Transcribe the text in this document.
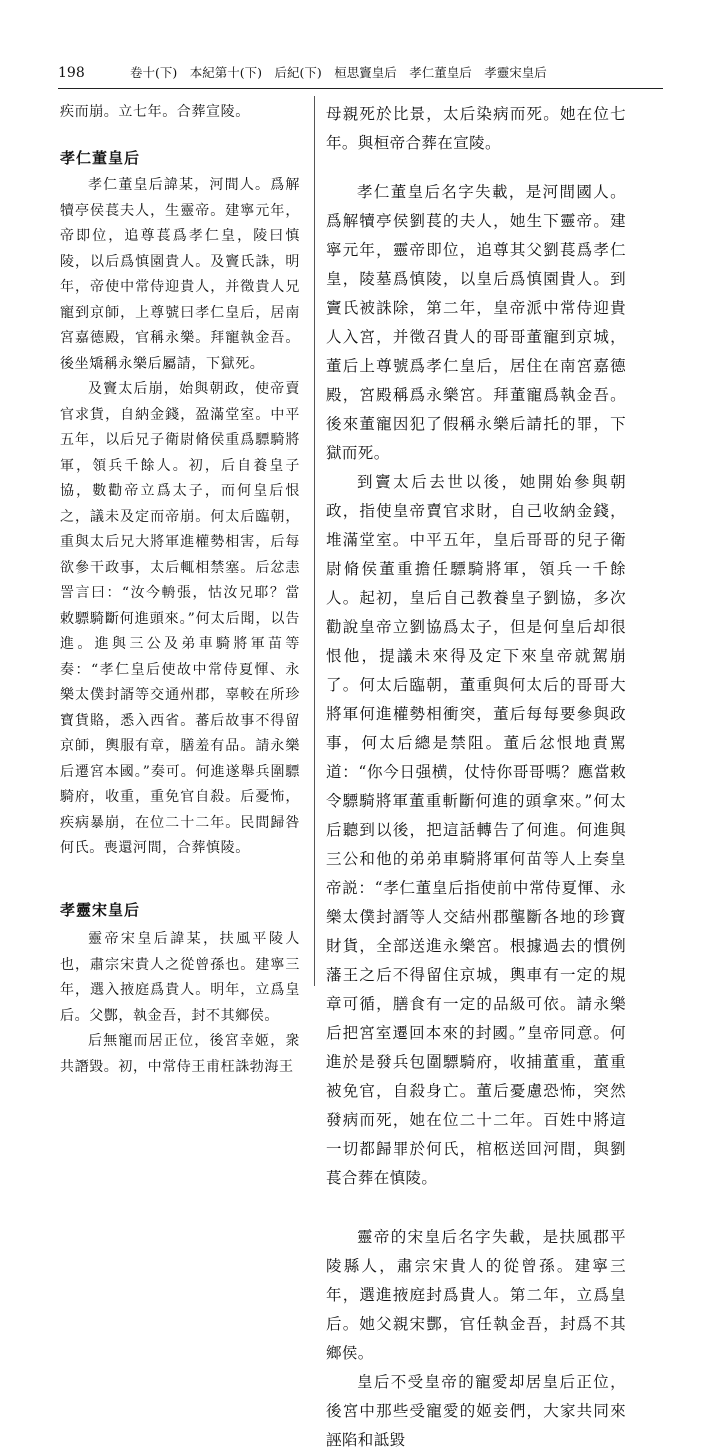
198	卷十(下)　本紀第十(下)　后紀(下)　桓思竇皇后　孝仁董皇后　孝靈宋皇后

疾而崩。立七年。合葬宣陵。

孝仁董皇后

孝仁董皇后諱某，河間人。爲解犢亭侯萇夫人，生靈帝。建寧元年，帝即位，追尊萇爲孝仁皇，陵曰慎陵，以后爲慎園貴人。及竇氏誅，明年，帝使中常侍迎貴人，并徵貴人兄寵到京師，上尊號曰孝仁皇后，居南宮嘉德殿，官稱永樂。拜寵執金吾。後坐矯稱永樂后屬請，下獄死。

及竇太后崩，始與朝政，使帝賣官求貨，自納金錢，盈滿堂室。中平五年，以后兄子衛尉脩侯重爲驃騎將軍，領兵千餘人。初，后自養皇子協，數勸帝立爲太子，而何皇后恨之，議未及定而帝崩。何太后臨朝，重與太后兄大將軍進權勢相害，后每欲參干政事，太后輒相禁塞。后忿恚詈言曰：“汝今輈張，怙汝兄耶？當敕驃騎斷何進頭來。”何太后聞，以告進。進與三公及弟車騎將軍苗等奏：“孝仁皇后使故中常侍夏惲、永樂太僕封諝等交通州郡，辜較在所珍寶貨賂，悉入西省。蕃后故事不得留京師，輿服有章，膳羞有品。請永樂后遷宮本國。”奏可。何進遂舉兵圍驃騎府，收重，重免官自殺。后憂怖，疾病暴崩，在位二十二年。民間歸咎何氏。喪還河間，合葬慎陵。

孝靈宋皇后

靈帝宋皇后諱某，扶風平陵人也，肅宗宋貴人之從曾孫也。建寧三年，選入掖庭爲貴人。明年，立爲皇后。父酆，執金吾，封不其鄉侯。

后無寵而居正位，後宮幸姬，衆共譖毀。初，中常侍王甫枉誅勃海王

母親死於比景，太后染病而死。她在位七年。與桓帝合葬在宣陵。

孝仁董皇后名字失載，是河間國人。爲解犢亭侯劉萇的夫人，她生下靈帝。建寧元年，靈帝即位，追尊其父劉萇爲孝仁皇，陵墓爲慎陵，以皇后爲慎園貴人。到竇氏被誅除，第二年，皇帝派中常侍迎貴人入宮，并徵召貴人的哥哥董寵到京城，董后上尊號爲孝仁皇后，居住在南宮嘉德殿，宮殿稱爲永樂宮。拜董寵爲執金吾。後來董寵因犯了假稱永樂后請托的罪，下獄而死。

到竇太后去世以後，她開始參與朝政，指使皇帝賣官求財，自己收納金錢，堆滿堂室。中平五年，皇后哥哥的兒子衛尉脩侯董重擔任驃騎將軍，領兵一千餘人。起初，皇后自己教養皇子劉協，多次勸說皇帝立劉協爲太子，但是何皇后却很恨他，提議未來得及定下來皇帝就駕崩了。何太后臨朝，董重與何太后的哥哥大將軍何進權勢相衝突，董后每每要參與政事，何太后總是禁阻。董后忿恨地責駡道：“你今日强横，仗恃你哥哥嗎？應當敕令驃騎將軍董重斬斷何進的頭拿來。”何太后聽到以後，把這話轉告了何進。何進與三公和他的弟弟車騎將軍何苗等人上奏皇帝説：“孝仁董皇后指使前中常侍夏惲、永樂太僕封諝等人交結州郡壟斷各地的珍寶財貨，全部送進永樂宮。根據過去的慣例藩王之后不得留住京城，輿車有一定的規章可循，膳食有一定的品級可依。請永樂后把宮室遷回本來的封國。”皇帝同意。何進於是發兵包圍驃騎府，收捕董重，董重被免官，自殺身亡。董后憂慮恐怖，突然發病而死，她在位二十二年。百姓中將這一切都歸罪於何氏，棺柩送回河間，與劉萇合葬在慎陵。

靈帝的宋皇后名字失載，是扶風郡平陵縣人，肅宗宋貴人的從曾孫。建寧三年，選進掖庭封爲貴人。第二年，立爲皇后。她父親宋酆，官任執金吾，封爲不其鄉侯。

皇后不受皇帝的寵愛却居皇后正位，後宮中那些受寵愛的姬妾們，大家共同來誣陷和詆毀
